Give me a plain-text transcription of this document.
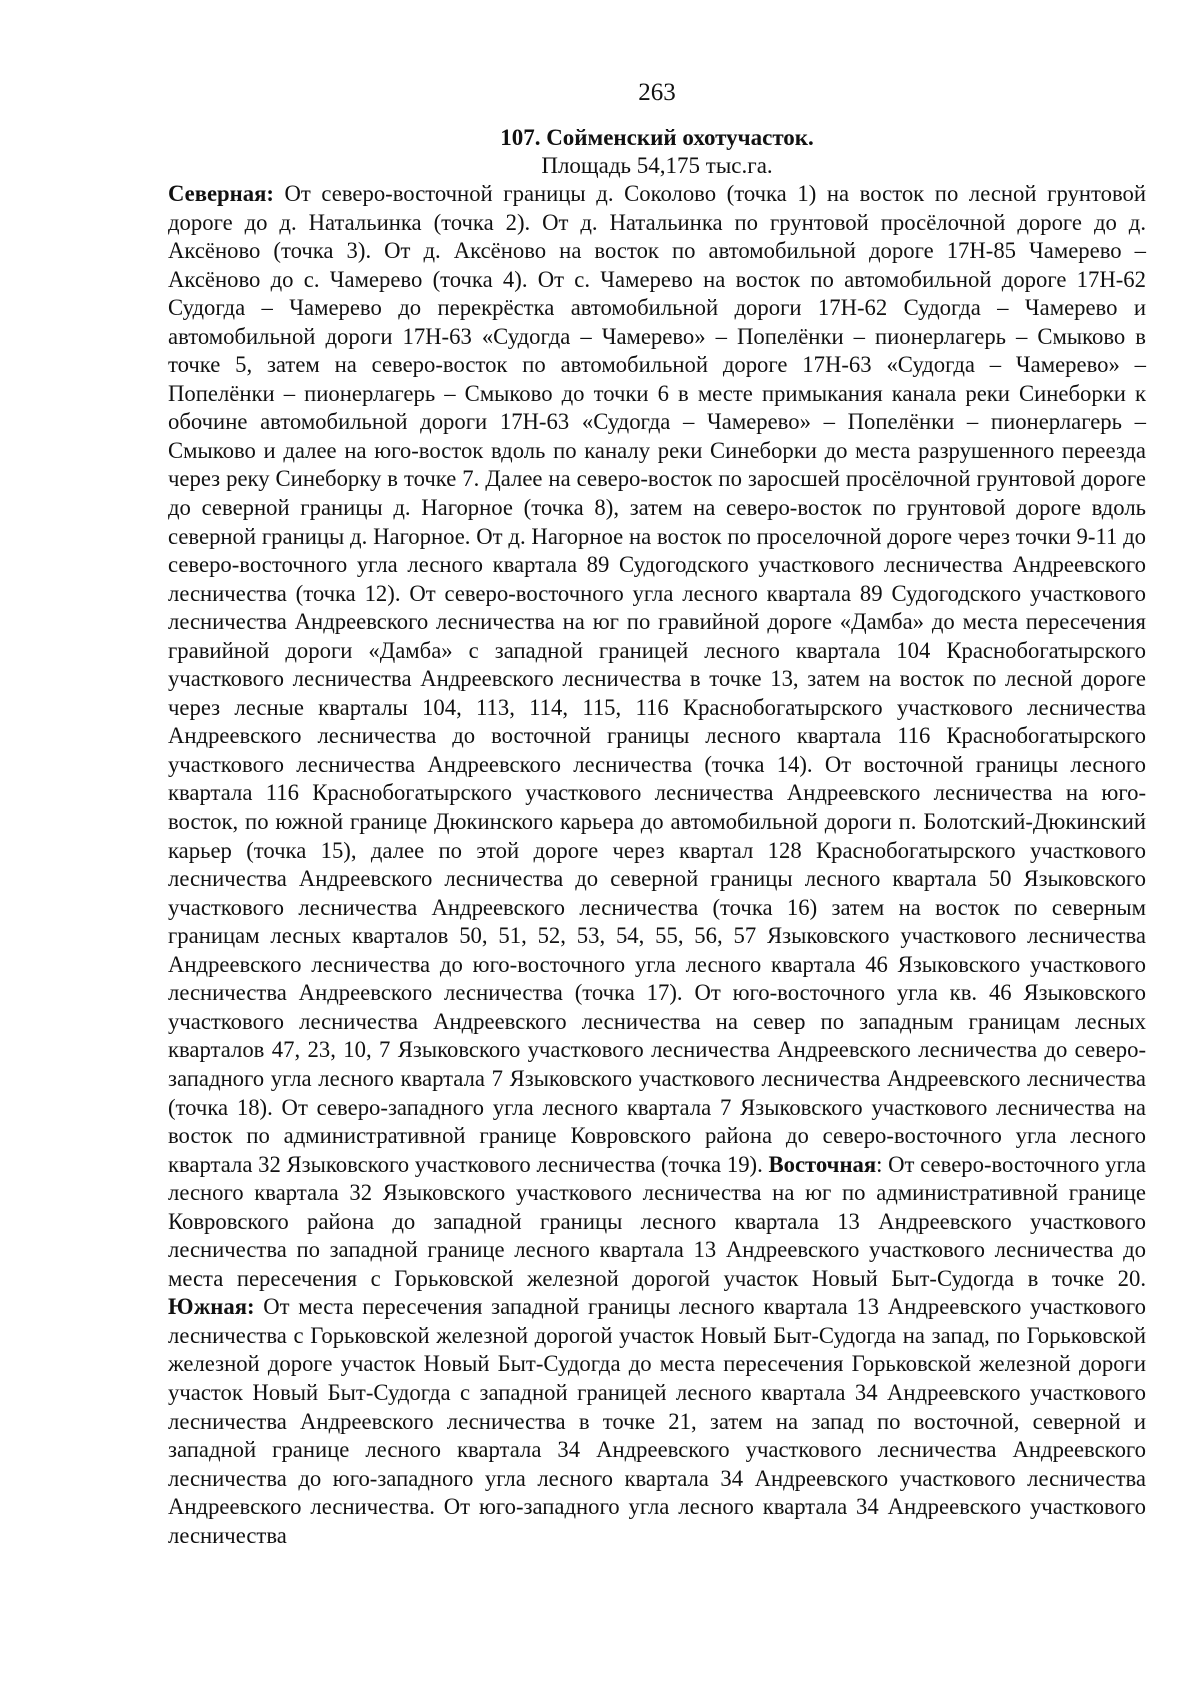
263
107. Сойменский охотучасток.
Площадь 54,175 тыс.га.

Северная: От северо-восточной границы д. Соколово (точка 1) на восток по лесной грунтовой дороге до д. Натальинка (точка 2). От д. Натальинка по грунтовой просёлочной дороге до д. Аксёново (точка 3). От д. Аксёново на восток по автомобильной дороге 17Н-85 Чамерево – Аксёново до с. Чамерево (точка 4). От с. Чамерево на восток по автомобильной дороге 17Н-62 Судогда – Чамерево до перекрёстка автомобильной дороги 17Н-62 Судогда – Чамерево и автомобильной дороги 17Н-63 «Судогда – Чамерево» – Попелёнки – пионерлагерь – Смыково в точке 5, затем на северо-восток по автомобильной дороге 17Н-63 «Судогда – Чамерево» – Попелёнки – пионерлагерь – Смыково до точки 6 в месте примыкания канала реки Синеборки к обочине автомобильной дороги 17Н-63 «Судогда – Чамерево» – Попелёнки – пионерлагерь – Смыково и далее на юго-восток вдоль по каналу реки Синеборки до места разрушенного переезда через реку Синеборку в точке 7. Далее на северо-восток по заросшей просёлочной грунтовой дороге до северной границы д. Нагорное (точка 8), затем на северо-восток по грунтовой дороге вдоль северной границы д. Нагорное. От д. Нагорное на восток по проселочной дороге через точки 9-11 до северо-восточного угла лесного квартала 89 Судогодского участкового лесничества Андреевского лесничества (точка 12). От северо-восточного угла лесного квартала 89 Судогодского участкового лесничества Андреевского лесничества на юг по гравийной дороге «Дамба» до места пересечения гравийной дороги «Дамба» с западной границей лесного квартала 104 Краснобогатырского участкового лесничества Андреевского лесничества в точке 13, затем на восток по лесной дороге через лесные кварталы 104, 113, 114, 115, 116 Краснобогатырского участкового лесничества Андреевского лесничества до восточной границы лесного квартала 116 Краснобогатырского участкового лесничества Андреевского лесничества (точка 14). От восточной границы лесного квартала 116 Краснобогатырского участкового лесничества Андреевского лесничества на юго-восток, по южной границе Дюкинского карьера до автомобильной дороги п. Болотский-Дюкинский карьер (точка 15), далее по этой дороге через квартал 128 Краснобогатырского участкового лесничества Андреевского лесничества до северной границы лесного квартала 50 Языковского участкового лесничества Андреевского лесничества (точка 16) затем на восток по северным границам лесных кварталов 50, 51, 52, 53, 54, 55, 56, 57 Языковского участкового лесничества Андреевского лесничества до юго-восточного угла лесного квартала 46 Языковского участкового лесничества Андреевского лесничества (точка 17). От юго-восточного угла кв. 46 Языковского участкового лесничества Андреевского лесничества на север по западным границам лесных кварталов 47, 23, 10, 7 Языковского участкового лесничества Андреевского лесничества до северо-западного угла лесного квартала 7 Языковского участкового лесничества Андреевского лесничества (точка 18). От северо-западного угла лесного квартала 7 Языковского участкового лесничества на восток по административной границе Ковровского района до северо-восточного угла лесного квартала 32 Языковского участкового лесничества (точка 19). Восточная: От северо-восточного угла лесного квартала 32 Языковского участкового лесничества на юг по административной границе Ковровского района до западной границы лесного квартала 13 Андреевского участкового лесничества по западной границе лесного квартала 13 Андреевского участкового лесничества до места пересечения с Горьковской железной дорогой участок Новый Быт-Судогда в точке 20. Южная: От места пересечения западной границы лесного квартала 13 Андреевского участкового лесничества с Горьковской железной дорогой участок Новый Быт-Судогда на запад, по Горьковской железной дороге участок Новый Быт-Судогда до места пересечения Горьковской железной дороги участок Новый Быт-Судогда с западной границей лесного квартала 34 Андреевского участкового лесничества Андреевского лесничества в точке 21, затем на запад по восточной, северной и западной границе лесного квартала 34 Андреевского участкового лесничества Андреевского лесничества до юго-западного угла лесного квартала 34 Андреевского участкового лесничества Андреевского лесничества. От юго-западного угла лесного квартала 34 Андреевского участкового лесничества
